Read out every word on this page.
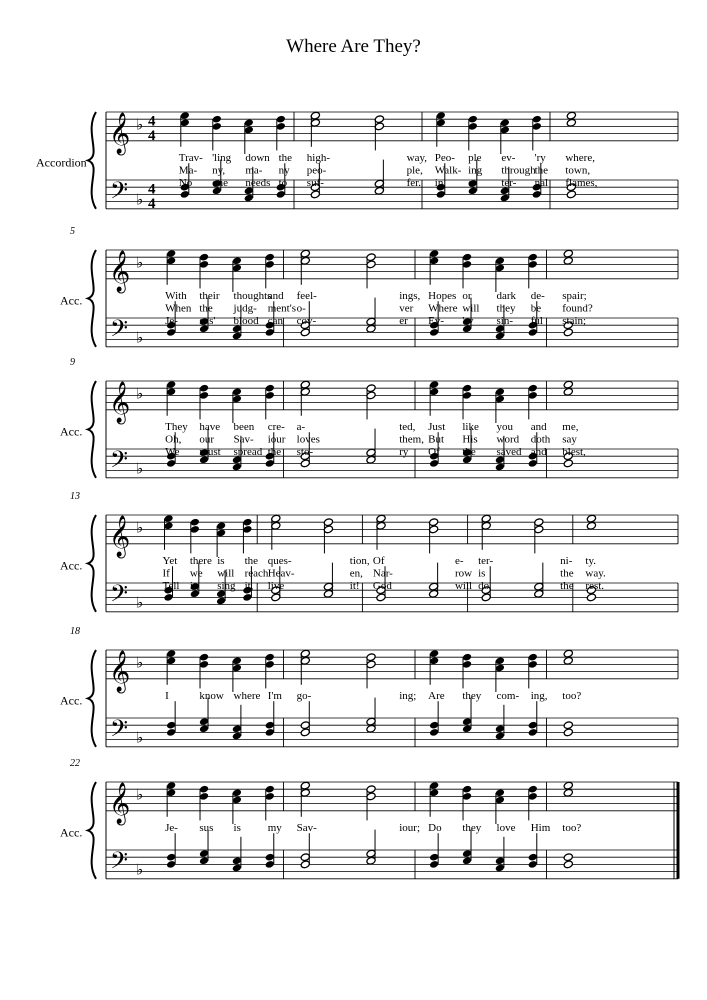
Where Are They?
Accordion
𝄞
𝄢
♭
♭
4
4
4
4
Trav- 'ling down the
Ma- ny, ma- ny
No one needs to
high-	way,
peo-	ple,
suf-	fer.
Peo- ple ev- 'ry
Walk- ing through the
in e- ter- nal
where,
town,
flames,
Acc.
5
𝄞
𝄢
♭
♭
With their thoughts
and
When the judg- ment's
Je- sus' blood can
feel-	ings,
o-	ver
cov-	er
Hopes or dark de-
Where will they be
Ev- 'ry sin- ful
spair;
found?
stain;
Acc.
9
𝄞
𝄢
♭
♭
They have been cre-
Oh, our Sav- iour
We must spread the
a-	ted,
loves	them,
sto-	ry
Just like you and
But His word doth
Of the saved and
me,
say
blest,
Acc.
13
𝄞
𝄢
♭
♭
Yet there is the
If we will reach
Tell it, sing it,
ques-	tion,
Heav-	en,
live	it!
Of	e-
Nar-	row
God	will
ter-	ni-
is	the
do	the
ty.
way.
rest.
Acc.
18
𝄞
𝄢
♭
♭
I	know where I'm go-	ing; Are they com- ing, too?
Acc.
22
𝄞
𝄢
♭
♭
Je- sus is my Sav-	iour; Do they love Him too?
